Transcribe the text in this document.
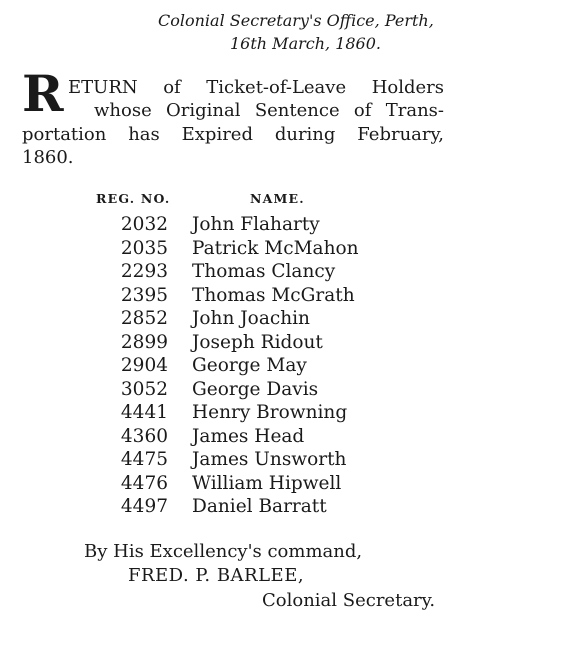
Colonial Secretary's Office, Perth,
16th March, 1860.
R ETURN of Ticket-of-Leave Holders
whose Original Sentence of Trans-
portation has Expired during February,
1860.
REG. NO.	NAME.
2032 John Flaharty
2035 Patrick McMahon
2293 Thomas Clancy
2395 Thomas McGrath
2852 John Joachin
2899 Joseph Ridout
2904 George May
3052 George Davis
4441 Henry Browning
4360 James Head
4475 James Unsworth
4476 William Hipwell
4497 Daniel Barratt
By His Excellency's command,
FRED. P. BARLEE,
Colonial Secretary.
